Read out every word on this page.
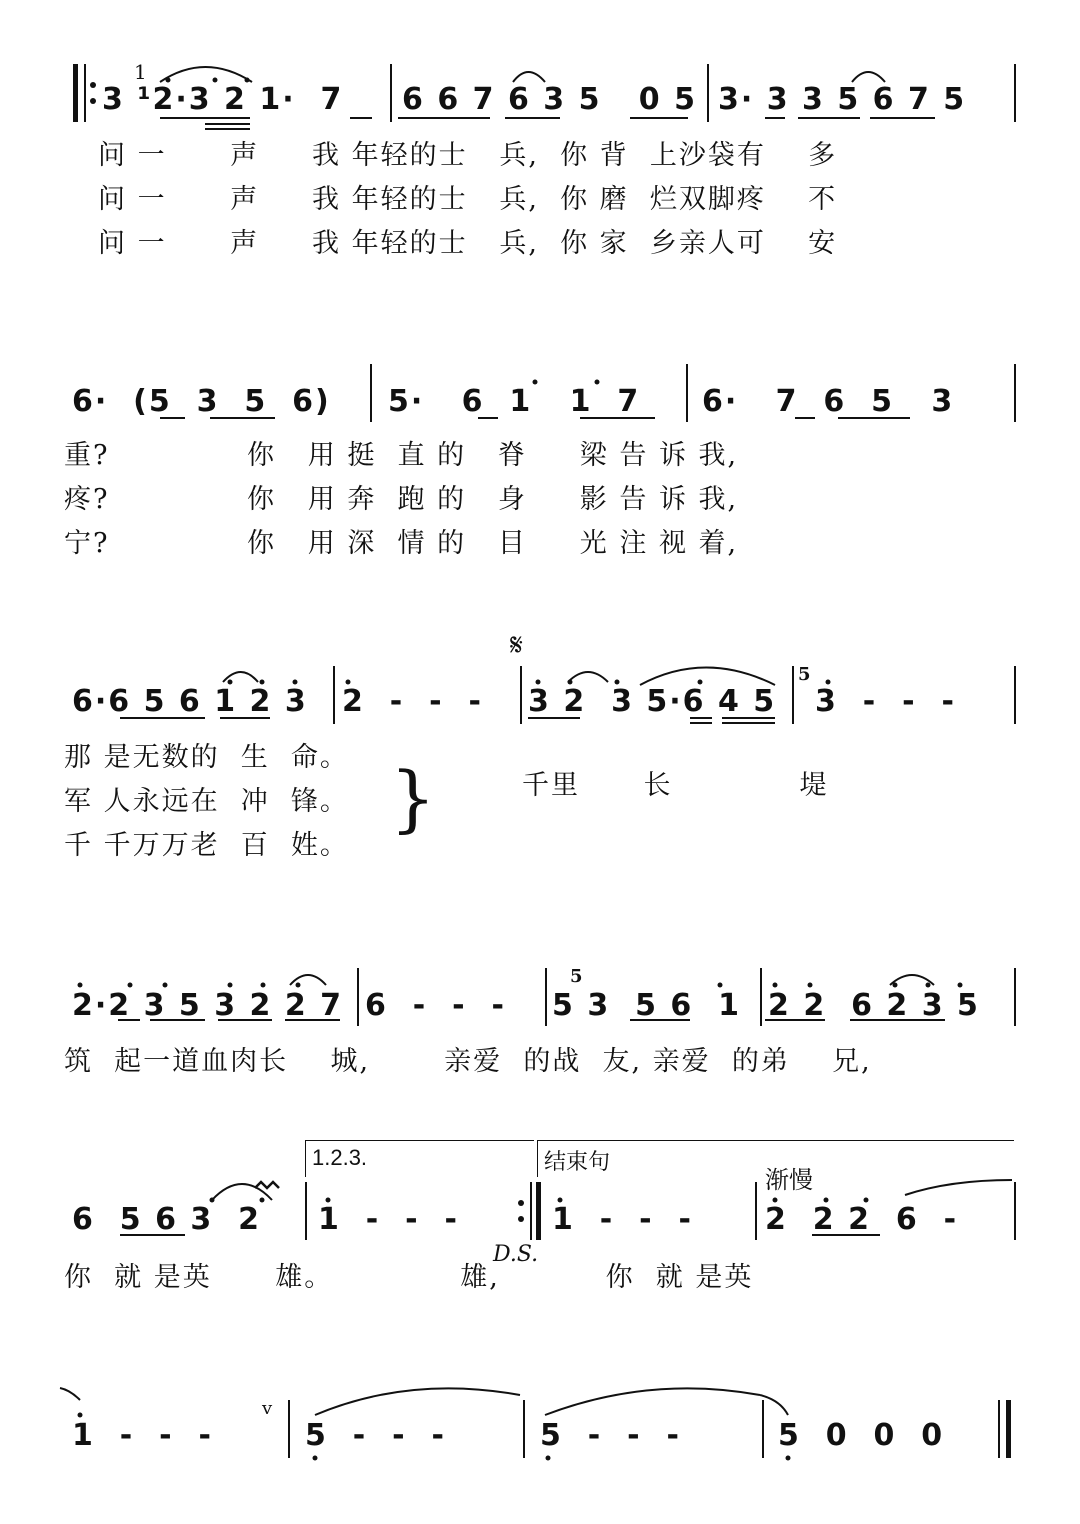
1
3 ¹2·3 2 1·  7 6 6 7 6 3 5   0 5 3· 3 3 5 6 7 5
问 一      声     我 年轻的士   兵,  你 背  上沙袋有    多
问 一      声     我 年轻的士   兵,  你 磨  烂双脚疼    不
问 一      声     我 年轻的士   兵,  你 家  乡亲人可    安
6·  (5  3  5  6) 5·   6  1   1  7 6·   7  6  5   3
重?             你   用 挺  直 的   脊     梁 告 诉 我,
疼?             你   用 奔  跑 的   身     影 告 诉 我,
宁?             你   用 深  情 的   目     光 注 视 着,
𝄋
6·6 5 6 1 2 3 2  -  -  - 3 2  3 5·6 4 5
5
3  -  -  -
那 是无数的  生  命。
军 人永远在  冲  锋。
千 千万万老  百  姓。
}	千里      长            堤
2·2 3 5 3 2 2 7 6  -  -  -
5
5 3  5 6  1 2 2  6 2 3 5
筑  起一道血肉长    城,       亲爱  的战  友, 亲爱  的弟    兄,
1.2.3.	结束句
渐慢
6  5 6 3  2 1  -  -  -	1  -  -  - 2  2 2  6  -
D.S.
你  就 是英      雄。            雄,          你  就 是英
1  -  -  -
v
5  -  -  -	5  -  -  -	5  0  0  0
